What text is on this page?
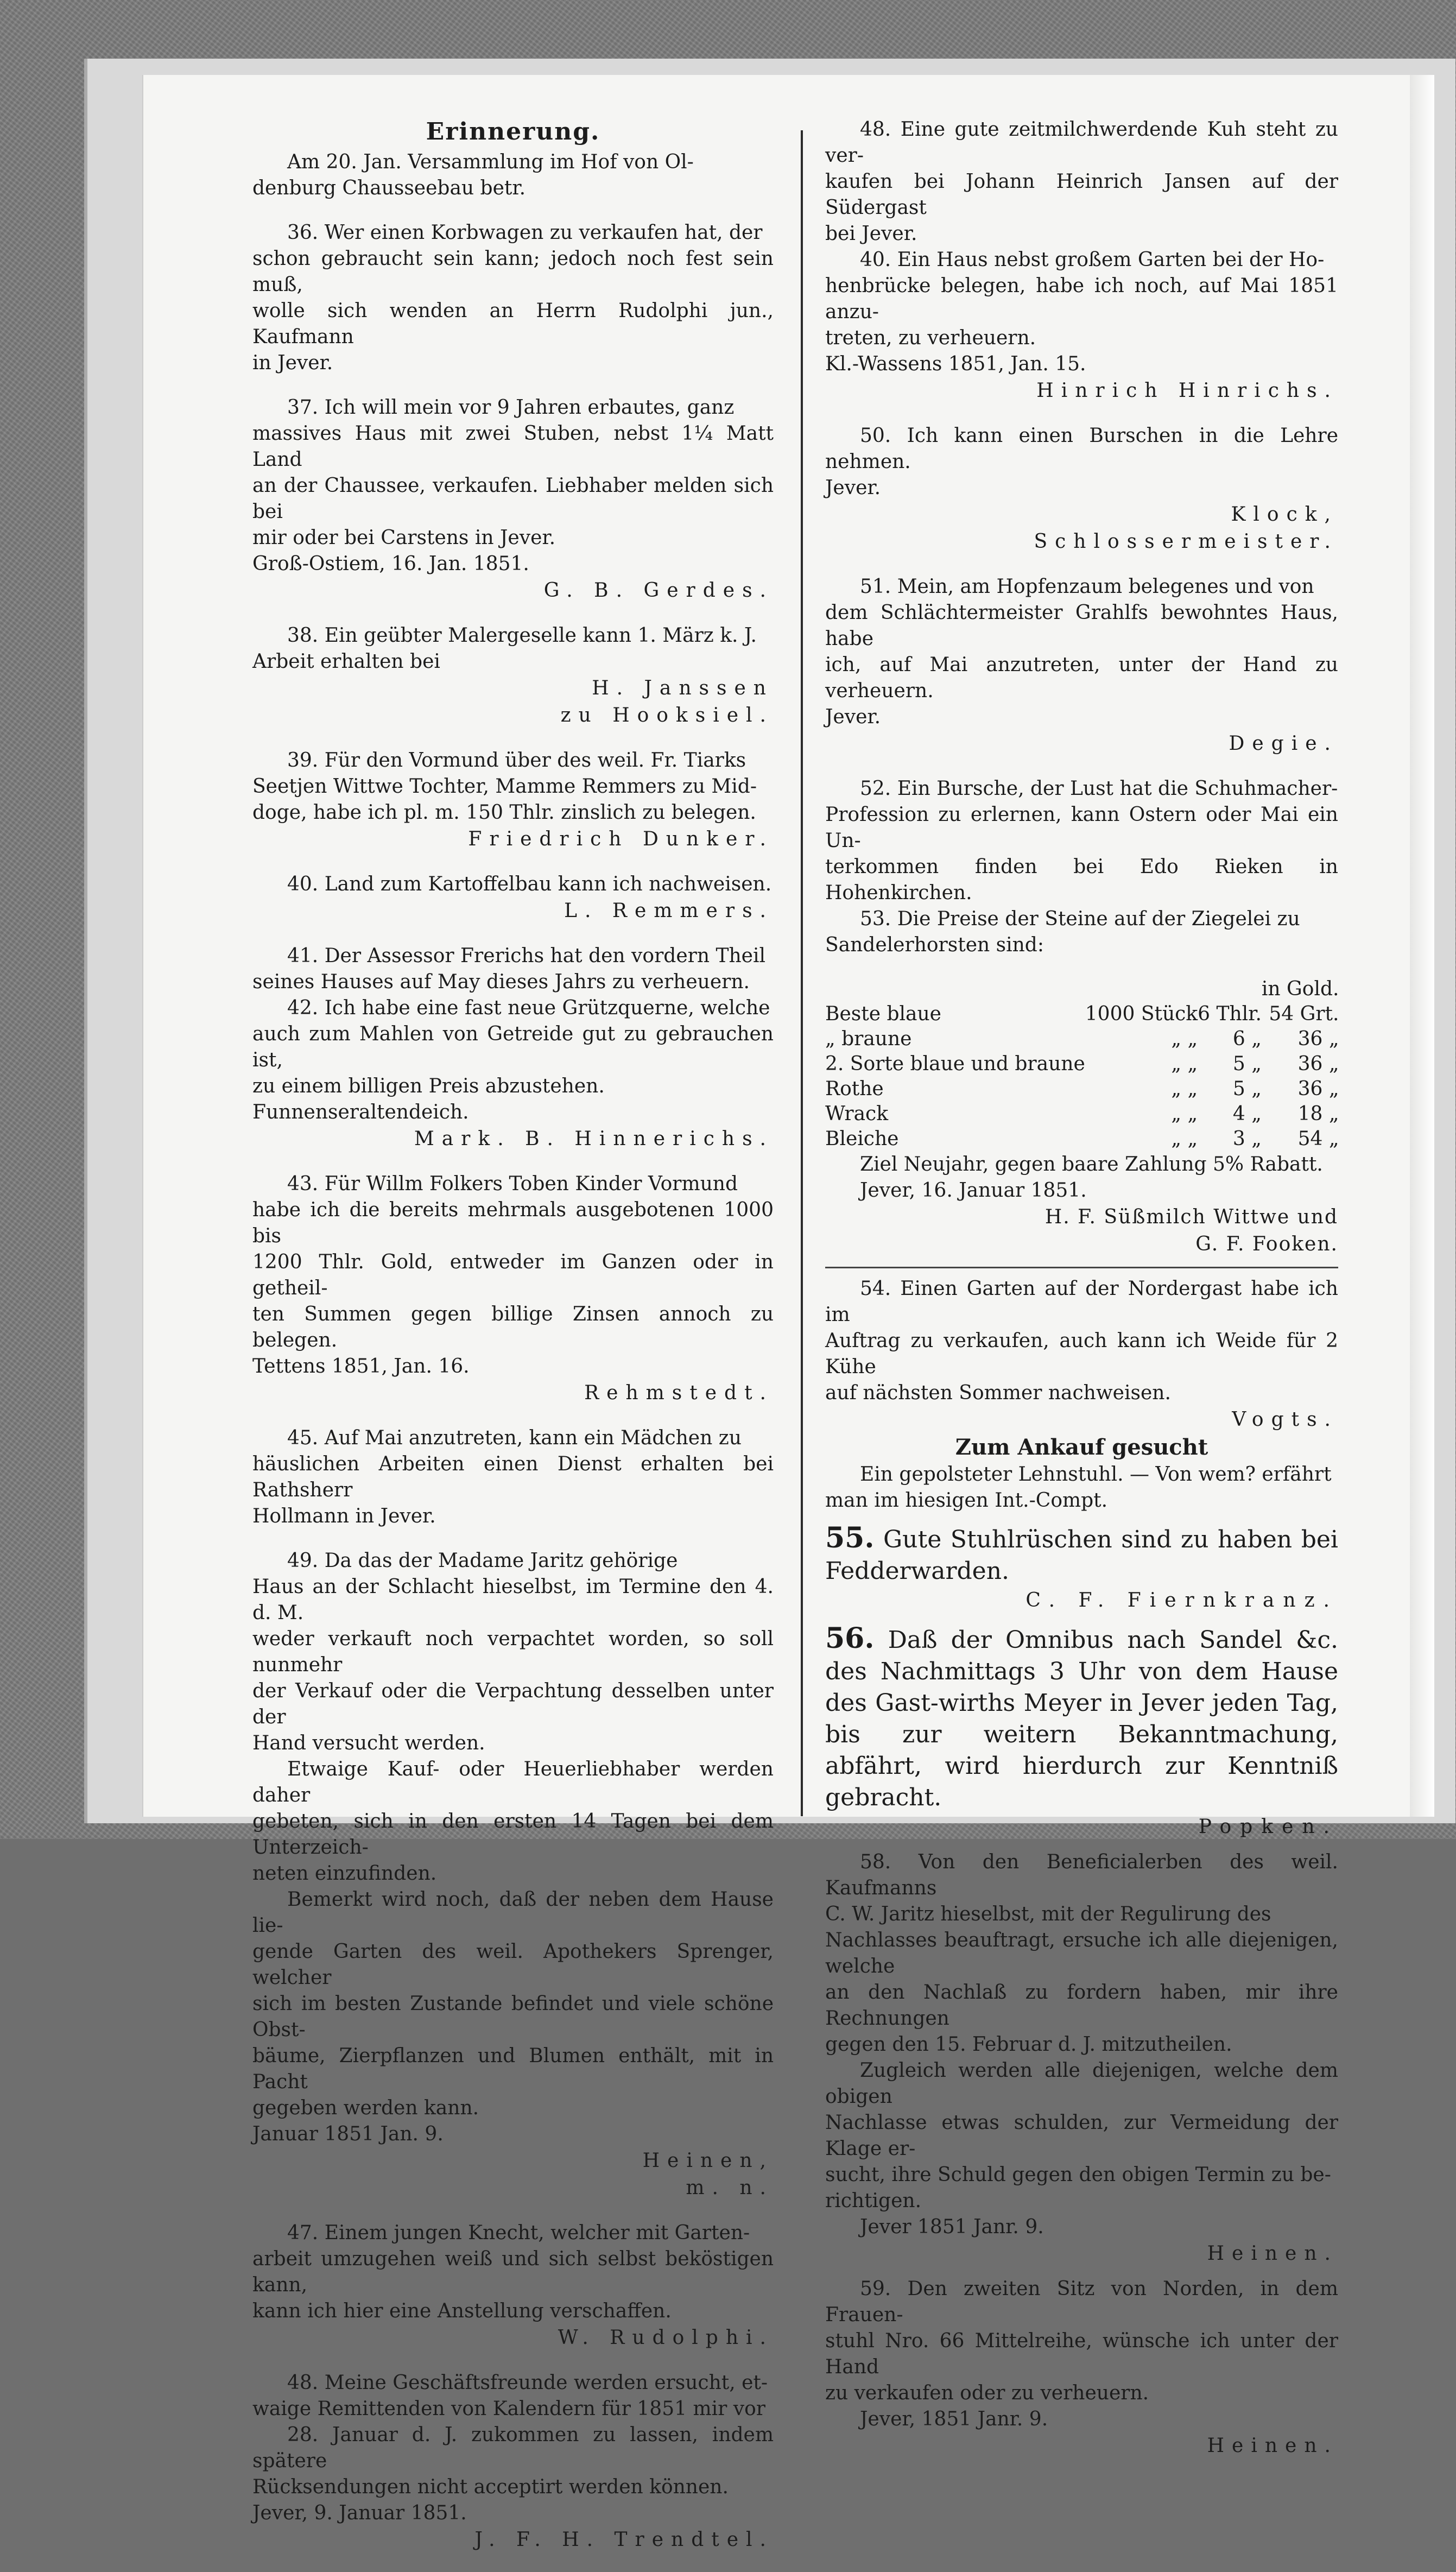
Erinnerung.

Am 20. Jan. Versammlung im Hof von Ol-

denburg Chausseebau betr.

36. Wer einen Korbwagen zu verkaufen hat, der

schon gebraucht sein kann; jedoch noch fest sein muß,

wolle sich wenden an Herrn Rudolphi jun., Kaufmann

in Jever.

37. Ich will mein vor 9 Jahren erbautes, ganz

massives Haus mit zwei Stuben, nebst 1¼ Matt Land

an der Chaussee, verkaufen. Liebhaber melden sich bei

mir oder bei Carstens in Jever.

Groß-Ostiem, 16. Jan. 1851.

G. B. Gerdes.

38. Ein geübter Malergeselle kann 1. März k. J.

Arbeit erhalten bei

H. Janssen

zu Hooksiel.

39. Für den Vormund über des weil. Fr. Tiarks

Seetjen Wittwe Tochter, Mamme Remmers zu Mid-

doge, habe ich pl. m. 150 Thlr. zinslich zu belegen.

Friedrich Dunker.

40. Land zum Kartoffelbau kann ich nachweisen.

L. Remmers.

41. Der Assessor Frerichs hat den vordern Theil

seines Hauses auf May dieses Jahrs zu verheuern.

42. Ich habe eine fast neue Grützquerne, welche

auch zum Mahlen von Getreide gut zu gebrauchen ist,

zu einem billigen Preis abzustehen.

Funnenseraltendeich.

Mark. B. Hinnerichs.

43. Für Willm Folkers Toben Kinder Vormund

habe ich die bereits mehrmals ausgebotenen 1000 bis

1200 Thlr. Gold, entweder im Ganzen oder in getheil-

ten Summen gegen billige Zinsen annoch zu belegen.

Tettens 1851, Jan. 16.

Rehmstedt.

45. Auf Mai anzutreten, kann ein Mädchen zu

häuslichen Arbeiten einen Dienst erhalten bei Rathsherr

Hollmann in Jever.

49. Da das der Madame Jaritz gehörige

Haus an der Schlacht hieselbst, im Termine den 4. d. M.

weder verkauft noch verpachtet worden, so soll nunmehr

der Verkauf oder die Verpachtung desselben unter der

Hand versucht werden.

Etwaige Kauf- oder Heuerliebhaber werden daher

gebeten, sich in den ersten 14 Tagen bei dem Unterzeich-

neten einzufinden.

Bemerkt wird noch, daß der neben dem Hause lie-

gende Garten des weil. Apothekers Sprenger, welcher

sich im besten Zustande befindet und viele schöne Obst-

bäume, Zierpflanzen und Blumen enthält, mit in Pacht

gegeben werden kann.

Januar 1851 Jan. 9.

Heinen,

m. n.

47. Einem jungen Knecht, welcher mit Garten-

arbeit umzugehen weiß und sich selbst beköstigen kann,

kann ich hier eine Anstellung verschaffen.

W. Rudolphi.

48. Meine Geschäftsfreunde werden ersucht, et-

waige Remittenden von Kalendern für 1851 mir vor

28. Januar d. J. zukommen zu lassen, indem spätere

Rücksendungen nicht acceptirt werden können.

Jever, 9. Januar 1851.

J. F. H. Trendtel.

48. Eine gute zeitmilchwerdende Kuh steht zu ver-

kaufen bei Johann Heinrich Jansen auf der Südergast

bei Jever.

40. Ein Haus nebst großem Garten bei der Ho-

henbrücke belegen, habe ich noch, auf Mai 1851 anzu-

treten, zu verheuern.

Kl.-Wassens 1851, Jan. 15.

Hinrich Hinrichs.

50. Ich kann einen Burschen in die Lehre nehmen.

Jever.

Klock,

Schlossermeister.

51. Mein, am Hopfenzaum belegenes und von

dem Schlächtermeister Grahlfs bewohntes Haus, habe

ich, auf Mai anzutreten, unter der Hand zu verheuern.

Jever.

Degie.

52. Ein Bursche, der Lust hat die Schuhmacher-

Profession zu erlernen, kann Ostern oder Mai ein Un-

terkommen finden bei Edo Rieken in Hohenkirchen.

53. Die Preise der Steine auf der Ziegelei zu

Sandelerhorsten sind:

			in Gold.
Beste blaue	1000 Stück	6 Thlr.	54 Grt.
„ braune	„ „	6 „	36 „
2. Sorte blaue und braune	„ „	5 „	36 „
Rothe	„ „	5 „	36 „
Wrack	„ „	4 „	18 „
Bleiche	„ „	3 „	54 „

Ziel Neujahr, gegen baare Zahlung 5% Rabatt.

Jever, 16. Januar 1851.

H. F. Süßmilch Wittwe und

G. F. Fooken.

54. Einen Garten auf der Nordergast habe ich im

Auftrag zu verkaufen, auch kann ich Weide für 2 Kühe

auf nächsten Sommer nachweisen.

Vogts.

Zum Ankauf gesucht

Ein gepolsteter Lehnstuhl. — Von wem? erfährt

man im hiesigen Int.-Compt.

55. Gute Stuhlrüschen sind zu haben bei Fedderwarden.

C. F. Fiernkranz.

56. Daß der Omnibus nach Sandel &c. des Nachmittags 3 Uhr von dem Hause des Gast-wirths Meyer in Jever jeden Tag, bis zur weitern Bekanntmachung, abfährt, wird hierdurch zur Kenntniß gebracht.

Popken.

58. Von den Beneficialerben des weil. Kaufmanns

C. W. Jaritz hieselbst, mit der Regulirung des

Nachlasses beauftragt, ersuche ich alle diejenigen, welche

an den Nachlaß zu fordern haben, mir ihre Rechnungen

gegen den 15. Februar d. J. mitzutheilen.

Zugleich werden alle diejenigen, welche dem obigen

Nachlasse etwas schulden, zur Vermeidung der Klage er-

sucht, ihre Schuld gegen den obigen Termin zu be-

richtigen.

Jever 1851 Janr. 9.

Heinen.

59. Den zweiten Sitz von Norden, in dem Frauen-

stuhl Nro. 66 Mittelreihe, wünsche ich unter der Hand

zu verkaufen oder zu verheuern.

Jever, 1851 Janr. 9.

Heinen.
